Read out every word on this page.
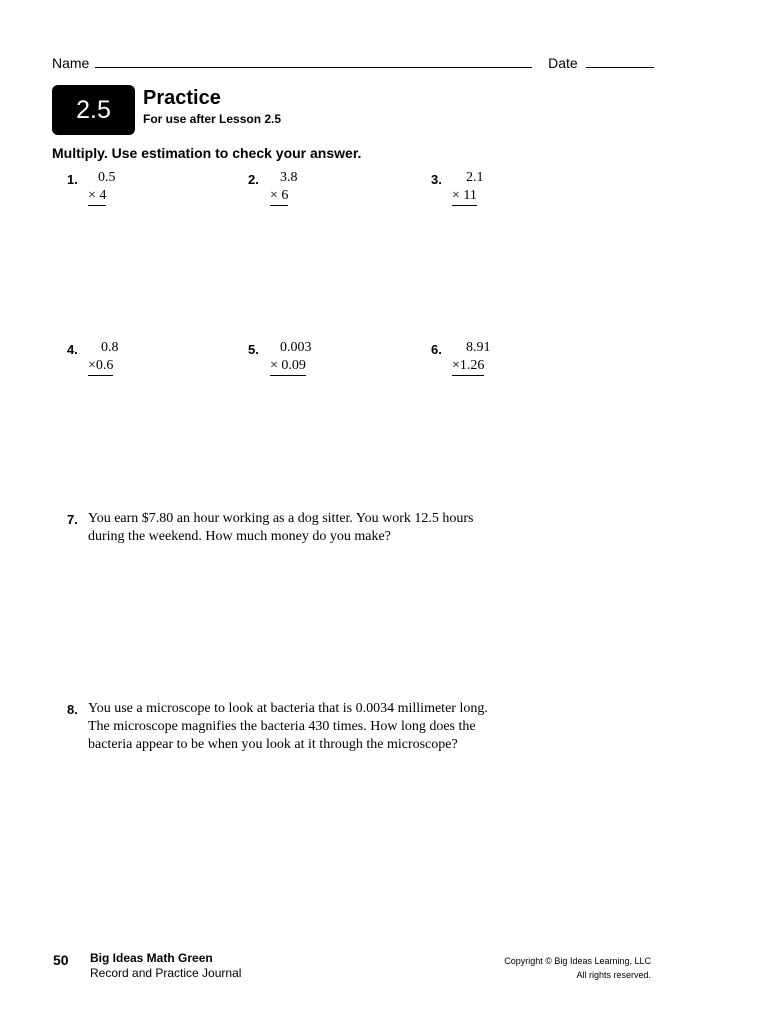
Name	Date
2.5 Practice
For use after Lesson 2.5
Multiply. Use estimation to check your answer.
1. 0.5
× 4
2. 3.8
× 6
3. 2.1
× 11
4. 0.8
×0.6
5. 0.003
× 0.09
6. 8.91
×1.26
7. You earn $7.80 an hour working as a dog sitter. You work 12.5 hours
during the weekend. How much money do you make?
8. You use a microscope to look at bacteria that is 0.0034 millimeter long.
The microscope magnifies the bacteria 430 times. How long does the
bacteria appear to be when you look at it through the microscope?
50 Big Ideas Math Green
Record and Practice Journal
Copyright © Big Ideas Learning, LLC
All rights reserved.
